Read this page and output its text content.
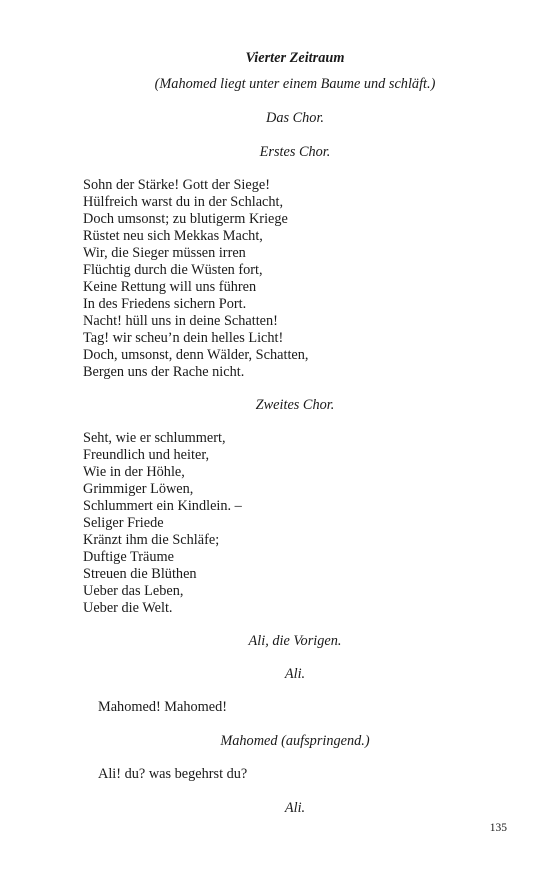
Vierter Zeitraum
(Mahomed liegt unter einem Baume und schläft.)
Das Chor.
Erstes Chor.
Sohn der Stärke! Gott der Siege!
Hülfreich warst du in der Schlacht,
Doch umsonst; zu blutigerm Kriege
Rüstet neu sich Mekkas Macht,
Wir, die Sieger müssen irren
Flüchtig durch die Wüsten fort,
Keine Rettung will uns führen
In des Friedens sichern Port.
Nacht! hüll uns in deine Schatten!
Tag! wir scheu’n dein helles Licht!
Doch, umsonst, denn Wälder, Schatten,
Bergen uns der Rache nicht.
Zweites Chor.
Seht, wie er schlummert,
Freundlich und heiter,
Wie in der Höhle,
Grimmiger Löwen,
Schlummert ein Kindlein. –
Seliger Friede
Kränzt ihm die Schläfe;
Duftige Träume
Streuen die Blüthen
Ueber das Leben,
Ueber die Welt.
Ali, die Vorigen.
Ali.
Mahomed! Mahomed!
Mahomed (aufspringend.)
Ali! du? was begehrst du?
Ali.
135
